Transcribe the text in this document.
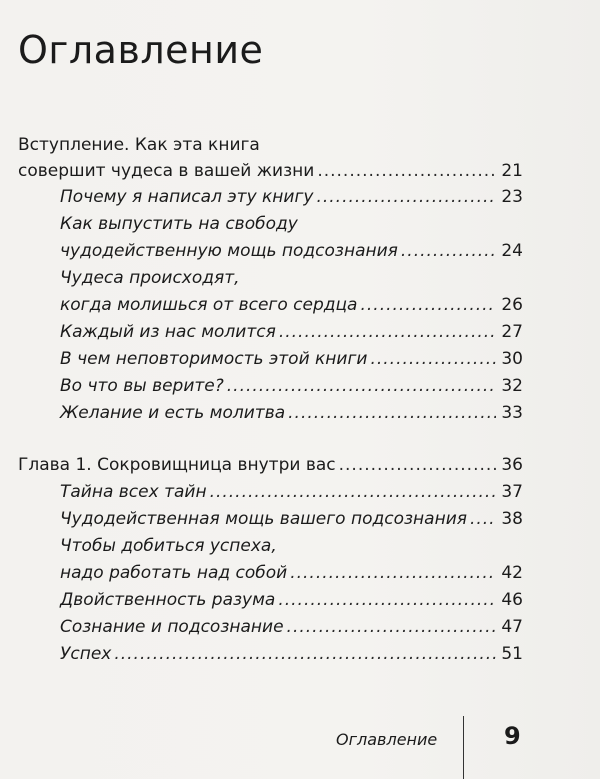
Оглавление
Вступление. Как эта книга
совершит чудеса в вашей жизни .....	21
Почему я написал эту книгу .....	23
Как выпустить на свободу
чудодейственную мощь подсознания .....	24
Чудеса происходят,
когда молишься от всего сердца .....	26
Каждый из нас молится .....	27
В чем неповторимость этой книги .....	30
Во что вы верите? .....	32
Желание и есть молитва .....	33
Глава 1. Сокровищница внутри вас .....	36
Тайна всех тайн .....	37
Чудодейственная мощь вашего подсознания ..... 38
Чтобы добиться успеха,
надо работать над собой .....	42
Двойственность разума .....	46
Сознание и подсознание .....	47
Успех .....	51
Оглавление	9
